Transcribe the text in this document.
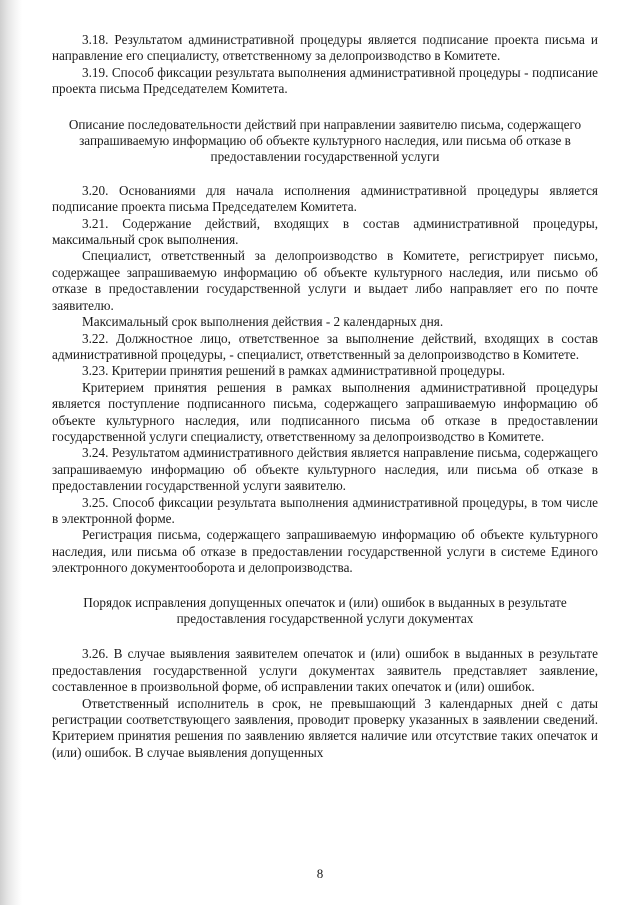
3.18. Результатом административной процедуры является подписание проекта письма и направление его специалисту, ответственному за делопроизводство в Комитете.

3.19. Способ фиксации результата выполнения административной процедуры - подписание проекта письма Председателем Комитета.

Описание последовательности действий при направлении заявителю письма, содержащего запрашиваемую информацию об объекте культурного наследия, или письма об отказе в предоставлении государственной услуги

3.20. Основаниями для начала исполнения административной процедуры является подписание проекта письма Председателем Комитета.

3.21. Содержание действий, входящих в состав административной процедуры, максимальный срок выполнения.

Специалист, ответственный за делопроизводство в Комитете, регистрирует письмо, содержащее запрашиваемую информацию об объекте культурного наследия, или письмо об отказе в предоставлении государственной услуги и выдает либо направляет его по почте заявителю.

Максимальный срок выполнения действия - 2 календарных дня.

3.22. Должностное лицо, ответственное за выполнение действий, входящих в состав административной процедуры, - специалист, ответственный за делопроизводство в Комитете.

3.23. Критерии принятия решений в рамках административной процедуры.

Критерием принятия решения в рамках выполнения административной процедуры является поступление подписанного письма, содержащего запрашиваемую информацию об объекте культурного наследия, или подписанного письма об отказе в предоставлении государственной услуги специалисту, ответственному за делопроизводство в Комитете.

3.24. Результатом административного действия является направление письма, содержащего запрашиваемую информацию об объекте культурного наследия, или письма об отказе в предоставлении государственной услуги заявителю.

3.25. Способ фиксации результата выполнения административной процедуры, в том числе в электронной форме.

Регистрация письма, содержащего запрашиваемую информацию об объекте культурного наследия, или письма об отказе в предоставлении государственной услуги в системе Единого электронного документооборота и делопроизводства.

Порядок исправления допущенных опечаток и (или) ошибок в выданных в результате предоставления государственной услуги документах

3.26. В случае выявления заявителем опечаток и (или) ошибок в выданных в результате предоставления государственной услуги документах заявитель представляет заявление, составленное в произвольной форме, об исправлении таких опечаток и (или) ошибок.

Ответственный исполнитель в срок, не превышающий 3 календарных дней с даты регистрации соответствующего заявления, проводит проверку указанных в заявлении сведений. Критерием принятия решения по заявлению является наличие или отсутствие таких опечаток и (или) ошибок. В случае выявления допущенных

8
